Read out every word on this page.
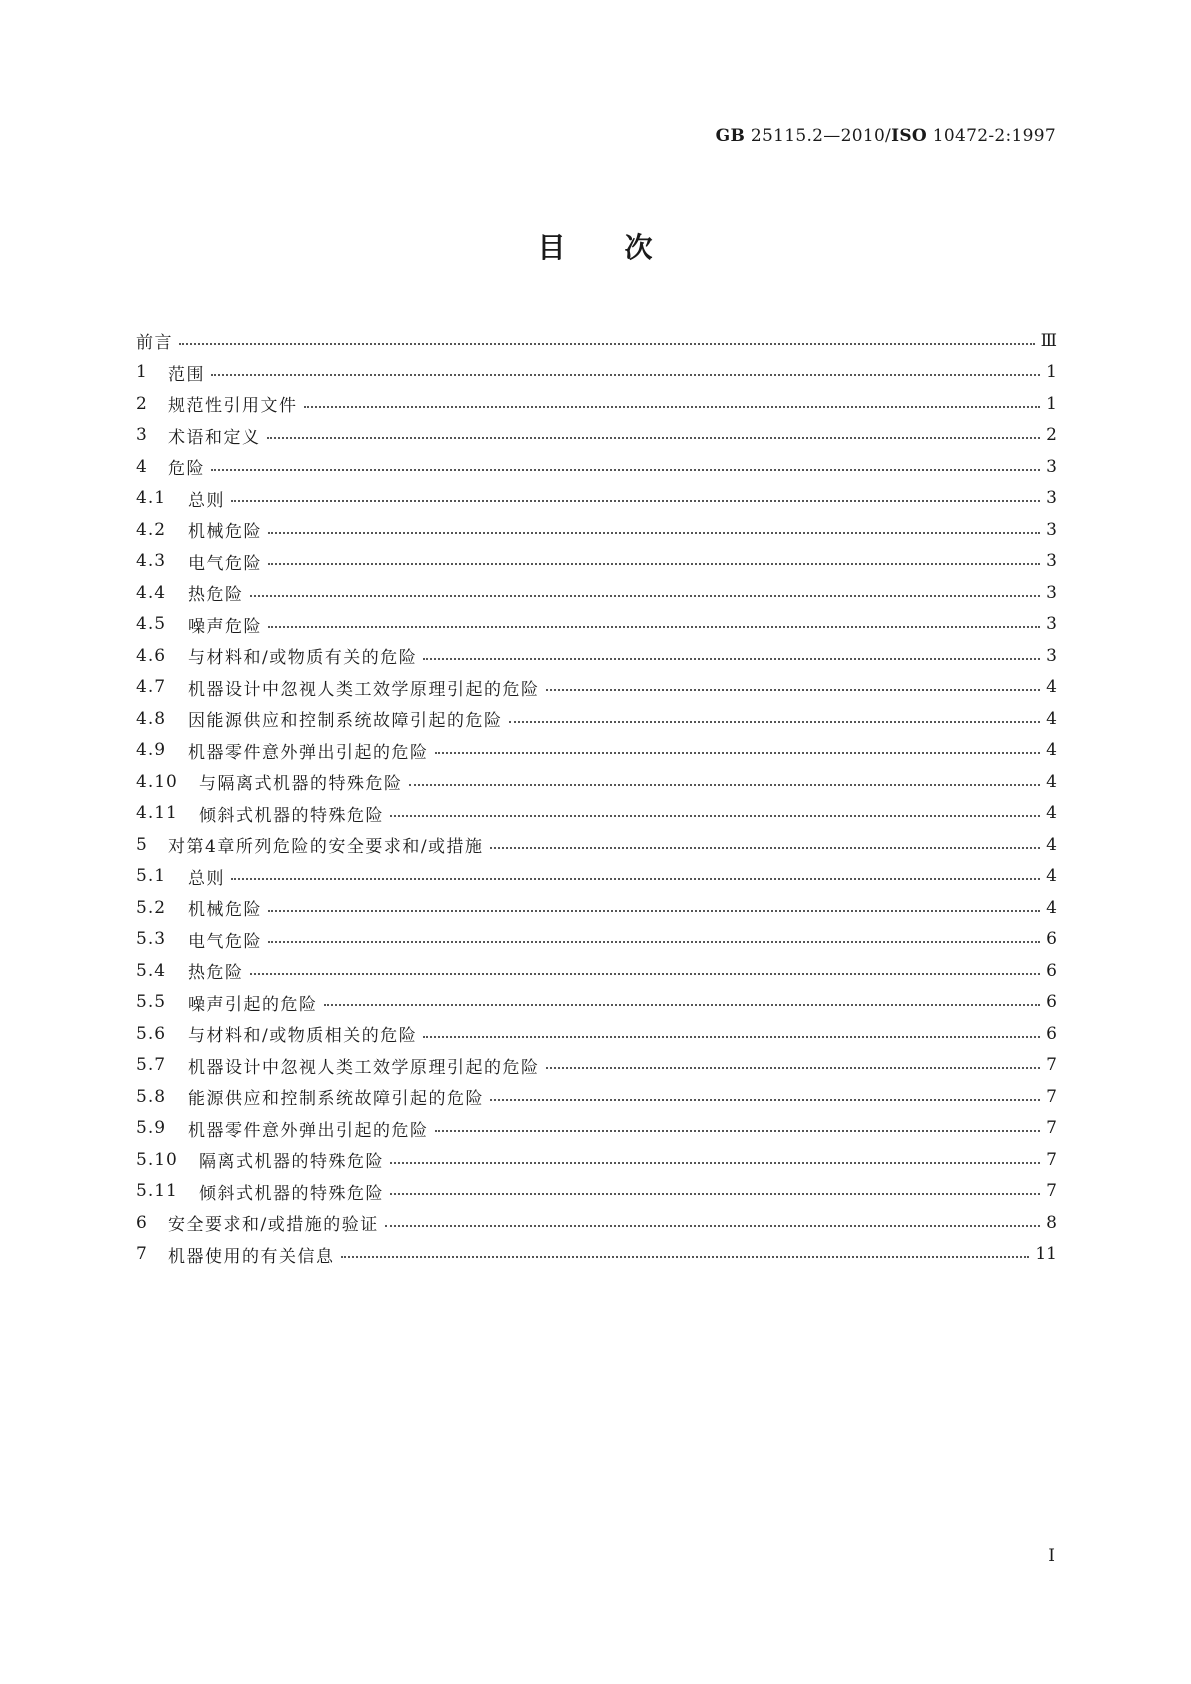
GB 25115.2—2010/ISO 10472-2:1997
目 次
前言	Ⅲ
1	范围	1
2	规范性引用文件	1
3	术语和定义	2
4	危险	3
4.1	总则	3
4.2	机械危险	3
4.3	电气危险	3
4.4	热危险	3
4.5	噪声危险	3
4.6	与材料和/或物质有关的危险	3
4.7	机器设计中忽视人类工效学原理引起的危险	4
4.8	因能源供应和控制系统故障引起的危险	4
4.9	机器零件意外弹出引起的危险	4
4.10	与隔离式机器的特殊危险	4
4.11	倾斜式机器的特殊危险	4
5	对第4章所列危险的安全要求和/或措施	4
5.1	总则	4
5.2	机械危险	4
5.3	电气危险	6
5.4	热危险	6
5.5	噪声引起的危险	6
5.6	与材料和/或物质相关的危险	6
5.7	机器设计中忽视人类工效学原理引起的危险	7
5.8	能源供应和控制系统故障引起的危险	7
5.9	机器零件意外弹出引起的危险	7
5.10	隔离式机器的特殊危险	7
5.11	倾斜式机器的特殊危险	7
6	安全要求和/或措施的验证	8
7	机器使用的有关信息	11
I
